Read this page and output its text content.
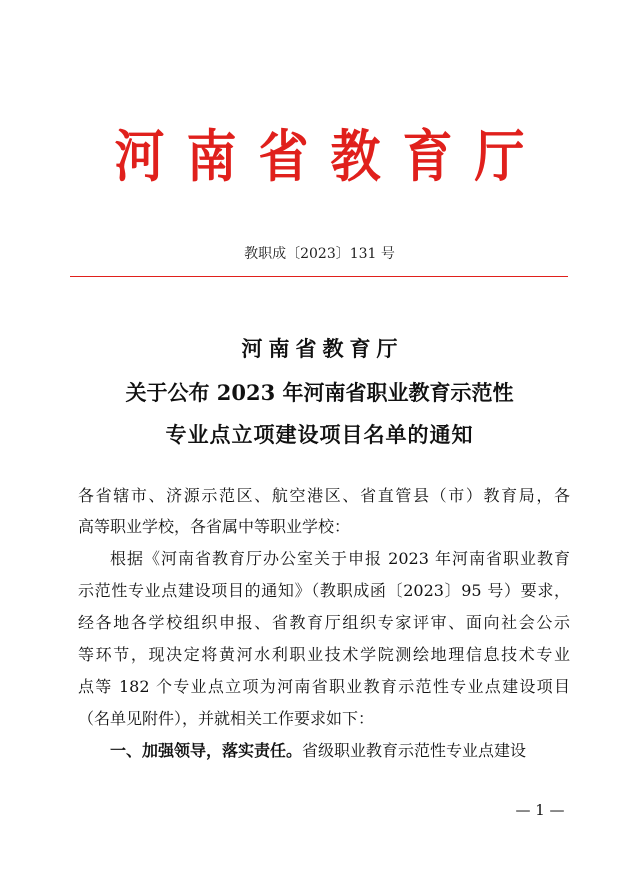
河南省教育厅
教职成〔2023〕131 号
河南省教育厅
关于公布 2023 年河南省职业教育示范性
专业点立项建设项目名单的通知
各省辖市、济源示范区、航空港区、省直管县（市）教育局，各
高等职业学校，各省属中等职业学校：
根据《河南省教育厅办公室关于申报 2023 年河南省职业教育
示范性专业点建设项目的通知》（教职成函〔2023〕95 号）要求，
经各地各学校组织申报、省教育厅组织专家评审、面向社会公示
等环节，现决定将黄河水利职业技术学院测绘地理信息技术专业
点等 182 个专业点立项为河南省职业教育示范性专业点建设项目
（名单见附件），并就相关工作要求如下：
一、加强领导，落实责任。省级职业教育示范性专业点建设
— 1 —
